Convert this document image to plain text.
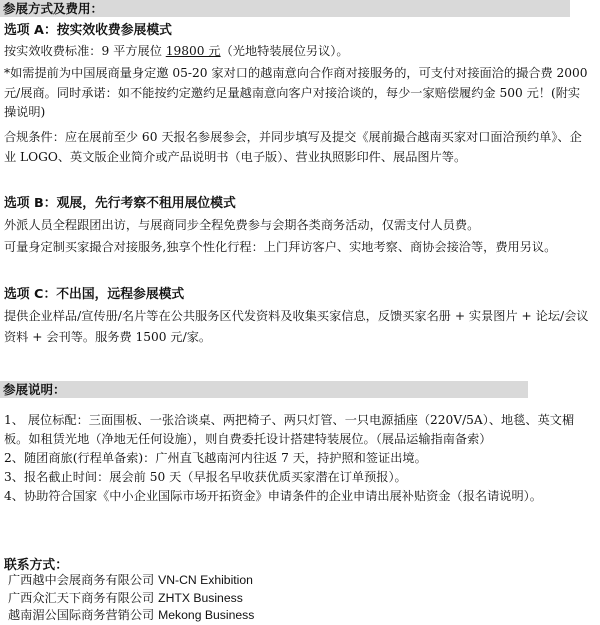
参展方式及费用：
选项 A：按实效收费参展模式
按实效收费标准：9 平方展位 19800 元（光地特装展位另议）。
*如需提前为中国展商量身定邀 05-20 家对口的越南意向合作商对接服务的，可支付对接面洽的撮合费 2000 元/展商。同时承诺：如不能按约定邀约足量越南意向客户对接洽谈的，每少一家赔偿履约金 500 元！(附实操说明)
合规条件：应在展前至少 60 天报名参展参会，并同步填写及提交《展前撮合越南买家对口面洽预约单》、企业 LOGO、英文版企业简介或产品说明书（电子版）、营业执照影印件、展品图片等。
选项 B：观展，先行考察不租用展位模式
外派人员全程跟团出访，与展商同步全程免费参与会期各类商务活动，仅需支付人员费。
可量身定制买家撮合对接服务,独享个性化行程：上门拜访客户、实地考察、商协会接洽等，费用另议。
选项 C：不出国，远程参展模式
提供企业样品/宣传册/名片等在公共服务区代发资料及收集买家信息，反馈买家名册 + 实景图片 + 论坛/会议资料 + 会刊等。服务费 1500 元/家。
参展说明：
1、 展位标配：三面围板、一张洽谈桌、两把椅子、两只灯管、一只电源插座（220V/5A）、地毯、英文楣板。如租赁光地（净地无任何设施），则自费委托设计搭建特装展位。（展品运输指南备索）
2、随团商旅(行程单备索)：广州直飞越南河内往返 7 天，持护照和签证出境。
3、报名截止时间：展会前 50 天（早报名早收获优质买家潜在订单预报）。
4、协助符合国家《中小企业国际市场开拓资金》申请条件的企业申请出展补贴资金（报名请说明）。
联系方式：
广西越中会展商务有限公司 VN-CN Exhibition
广西众汇天下商务有限公司 ZHTX Business
越南湄公国际商务营销公司 Mekong Business
